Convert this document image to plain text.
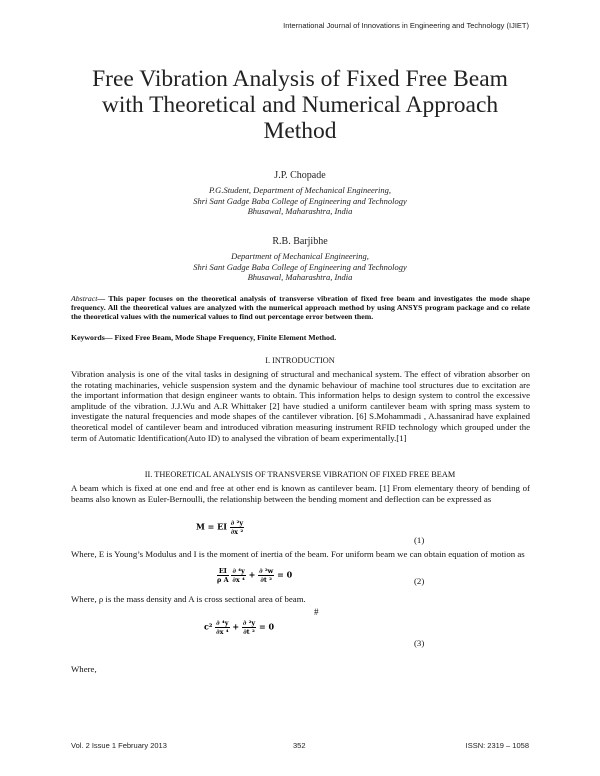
International Journal of Innovations in Engineering and Technology (IJIET)
Free Vibration Analysis of Fixed Free Beam
with Theoretical and Numerical Approach
Method
J.P. Chopade
P.G.Student, Department of Mechanical Engineering,
Shri Sant Gadge Baba College of Engineering and Technology
Bhusawal, Maharashtra, India
R.B. Barjibhe
Department of Mechanical Engineering,
Shri Sant Gadge Baba College of Engineering and Technology
Bhusawal, Maharashtra, India
Abstract— This paper focuses on the theoretical analysis of transverse vibration of fixed free beam and investigates the mode shape frequency. All the theoretical values are analyzed with the numerical approach method by using ANSYS program package and co relate the theoretical values with the numerical values to find out percentage error between them.
Keywords— Fixed Free Beam, Mode Shape Frequency, Finite Element Method.
I. INTRODUCTION
Vibration analysis is one of the vital tasks in designing of structural and mechanical system. The effect of vibration absorber on the rotating machinaries, vehicle suspension system and the dynamic behaviour of machine tool structures due to excitation are the important information that design engineer wants to obtain. This information helps to design system to control the excessive amplitude of the vibration. J.J.Wu and A.R Whittaker [2] have studied a uniform cantilever beam with spring mass system to investigate the natural frequencies and mode shapes of the cantilever vibration. [6] S.Mohammadi , A.hassanirad have explained theoretical model of cantilever beam and introduced vibration measuring instrument RFID technology which grouped under the term of Automatic Identification(Auto ID) to analysed the vibration of beam experimentally.[1]
II. THEORETICAL ANALYSIS OF TRANSVERSE VIBRATION OF FIXED FREE BEAM
A beam which is fixed at one end and free at other end is known as cantilever beam. [1] From elementary theory of bending of beams also known as Euler-Bernoulli, the relationship between the bending moment and deflection can be expressed as
M = EI $\frac{\text{∂ ²y}}{\text{∂x ²}}$
(1)
Where, E is Young’s Modulus and I is the moment of inertia of the beam. For uniform beam we can obtain equation of motion as
$\frac{EI}{\text{ρ A}}$
$\frac{\text{∂ ⁴y}}{\text{∂x ⁴}} + \frac{\text{∂ ²w}}{\text{∂t ²}} = 0$
(2)
Where, ρ is the mass density and A is cross sectional area of beam.
#
$c^2 \frac{\text{∂ ⁴y}}{\text{∂x ⁴}} + \frac{\text{∂ ²y}}{\text{∂t ²}} = 0$
(3)
Where,
Vol. 2 Issue 1 February 2013	352	ISSN: 2319 – 1058
